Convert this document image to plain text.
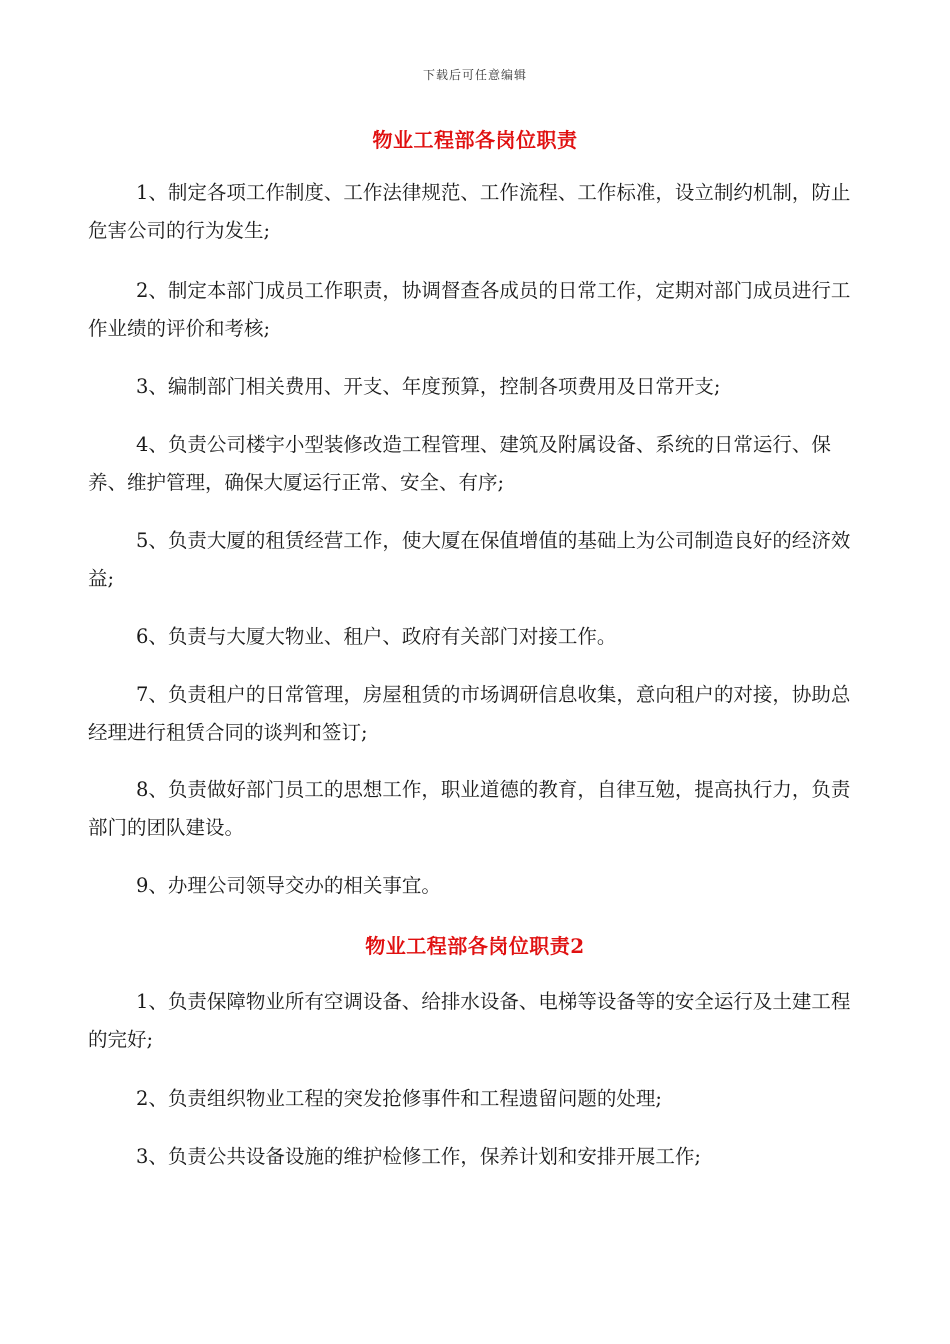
下载后可任意编辑
物业工程部各岗位职责

1、制定各项工作制度、工作法律规范、工作流程、工作标准，设立制约机制，防止危害公司的行为发生;

2、制定本部门成员工作职责，协调督查各成员的日常工作，定期对部门成员进行工作业绩的评价和考核;

3、编制部门相关费用、开支、年度预算，控制各项费用及日常开支;

4、负责公司楼宇小型装修改造工程管理、建筑及附属设备、系统的日常运行、保养、维护管理，确保大厦运行正常、安全、有序;

5、负责大厦的租赁经营工作，使大厦在保值增值的基础上为公司制造良好的经济效益;

6、负责与大厦大物业、租户、政府有关部门对接工作。

7、负责租户的日常管理，房屋租赁的市场调研信息收集，意向租户的对接，协助总经理进行租赁合同的谈判和签订;

8、负责做好部门员工的思想工作，职业道德的教育，自律互勉，提高执行力，负责部门的团队建设。

9、办理公司领导交办的相关事宜。

物业工程部各岗位职责2

1、负责保障物业所有空调设备、给排水设备、电梯等设备等的安全运行及土建工程的完好;

2、负责组织物业工程的突发抢修事件和工程遗留问题的处理;

3、负责公共设备设施的维护检修工作，保养计划和安排开展工作;
